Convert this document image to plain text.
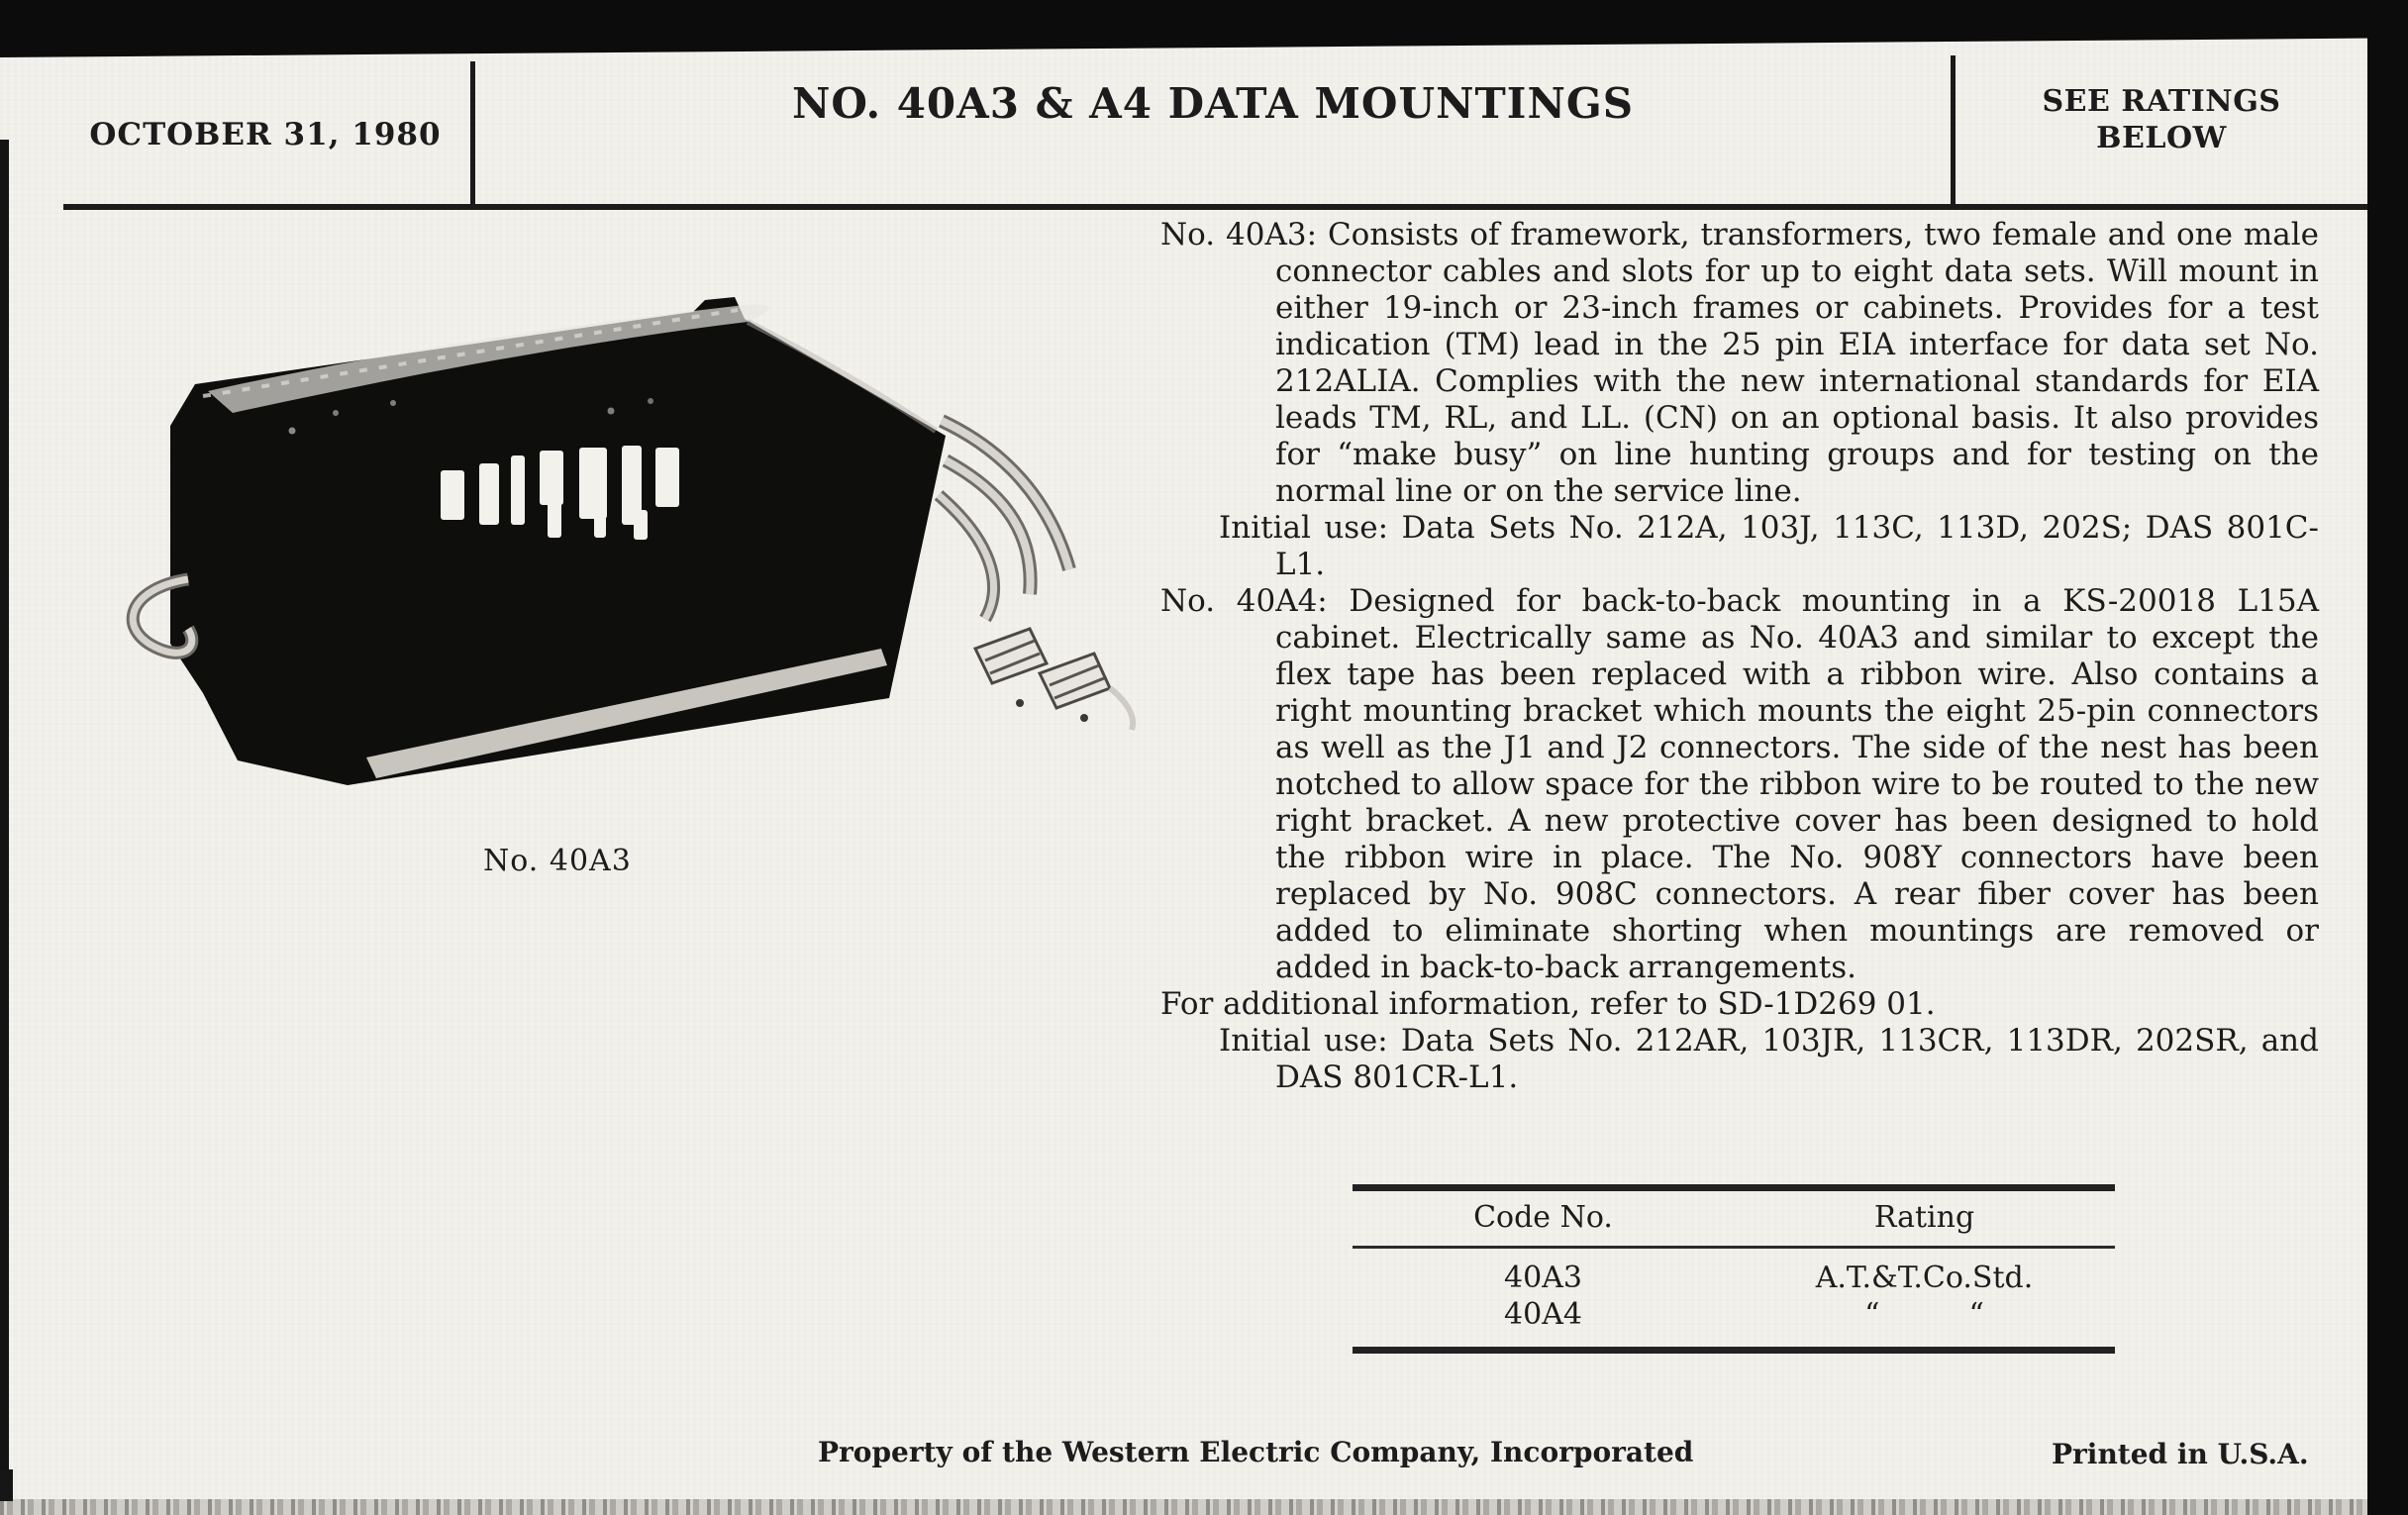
OCTOBER 31, 1980
NO. 40A3 & A4 DATA MOUNTINGS	SEE RATINGS
BELOW
No. 40A3

No. 40A3: Consists of framework, transformers, two female and one male connector cables and slots for up to eight data sets. Will mount in either 19-inch or 23-inch frames or cabinets. Provides for a test indication (TM) lead in the 25 pin EIA interface for data set No. 212ALIA. Complies with the new international standards for EIA leads TM, RL, and LL. (CN) on an optional basis. It also provides for “make busy” on line hunting groups and for testing on the normal line or on the service line.

Initial use: Data Sets No. 212A, 103J, 113C, 113D, 202S; DAS 801C-L1.

No. 40A4: Designed for back-to-back mounting in a KS-20018 L15A cabinet. Electrically same as No. 40A3 and similar to except the flex tape has been replaced with a ribbon wire. Also contains a right mounting bracket which mounts the eight 25-pin connectors as well as the J1 and J2 connectors. The side of the nest has been notched to allow space for the ribbon wire to be routed to the new right bracket. A new protective cover has been designed to hold the ribbon wire in place. The No. 908Y connectors have been replaced by No. 908C connectors. A rear fiber cover has been added to eliminate shorting when mountings are removed or added in back-to-back arrangements.

For additional information, refer to SD-1D269 01.

Initial use: Data Sets No. 212AR, 103JR, 113CR, 113DR, 202SR, and DAS 801CR-L1.

Code No.	Rating
40A3	A.T.&T.Co.Std.
40A4	“   “
Property of the Western Electric Company, Incorporated	Printed in U.S.A.
